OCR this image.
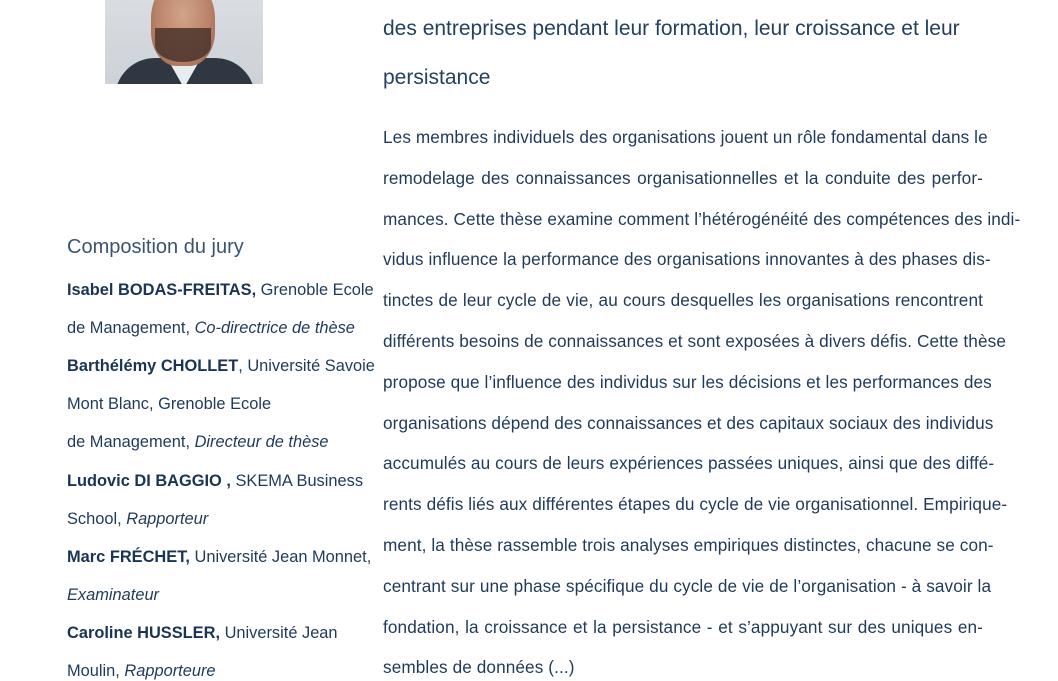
des entreprises pendant leur formation, leur croissance et leur
persistance
Les membres individuels des organisations jouent un rôle fondamental dans le
remodelage des connaissances organisationnelles et la conduite des perfor-
mances. Cette thèse examine comment l’hétérogénéité des compétences des indi-
vidus influence la performance des organisations innovantes à des phases dis-
tinctes de leur cycle de vie, au cours desquelles les organisations rencontrent
différents besoins de connaissances et sont exposées à divers défis. Cette thèse
propose que l’influence des individus sur les décisions et les performances des
organisations dépend des connaissances et des capitaux sociaux des individus
accumulés au cours de leurs expériences passées uniques, ainsi que des diffé-
rents défis liés aux différentes étapes du cycle de vie organisationnel. Empirique-
ment, la thèse rassemble trois analyses empiriques distinctes, chacune se con-
centrant sur une phase spécifique du cycle de vie de l’organisation - à savoir la
fondation, la croissance et la persistance - et s’appuyant sur des uniques en-
sembles de données (...)
Composition du jury
Isabel BODAS-FREITAS, Grenoble Ecole
de Management, Co-directrice de thèse
Barthélémy CHOLLET, Université Savoie
Mont Blanc, Grenoble Ecole
de Management, Directeur de thèse
Ludovic DI BAGGIO , SKEMA Business
School, Rapporteur
Marc FRÉCHET, Université Jean Monnet,
Examinateur
Caroline HUSSLER, Université Jean
Moulin, Rapporteure
